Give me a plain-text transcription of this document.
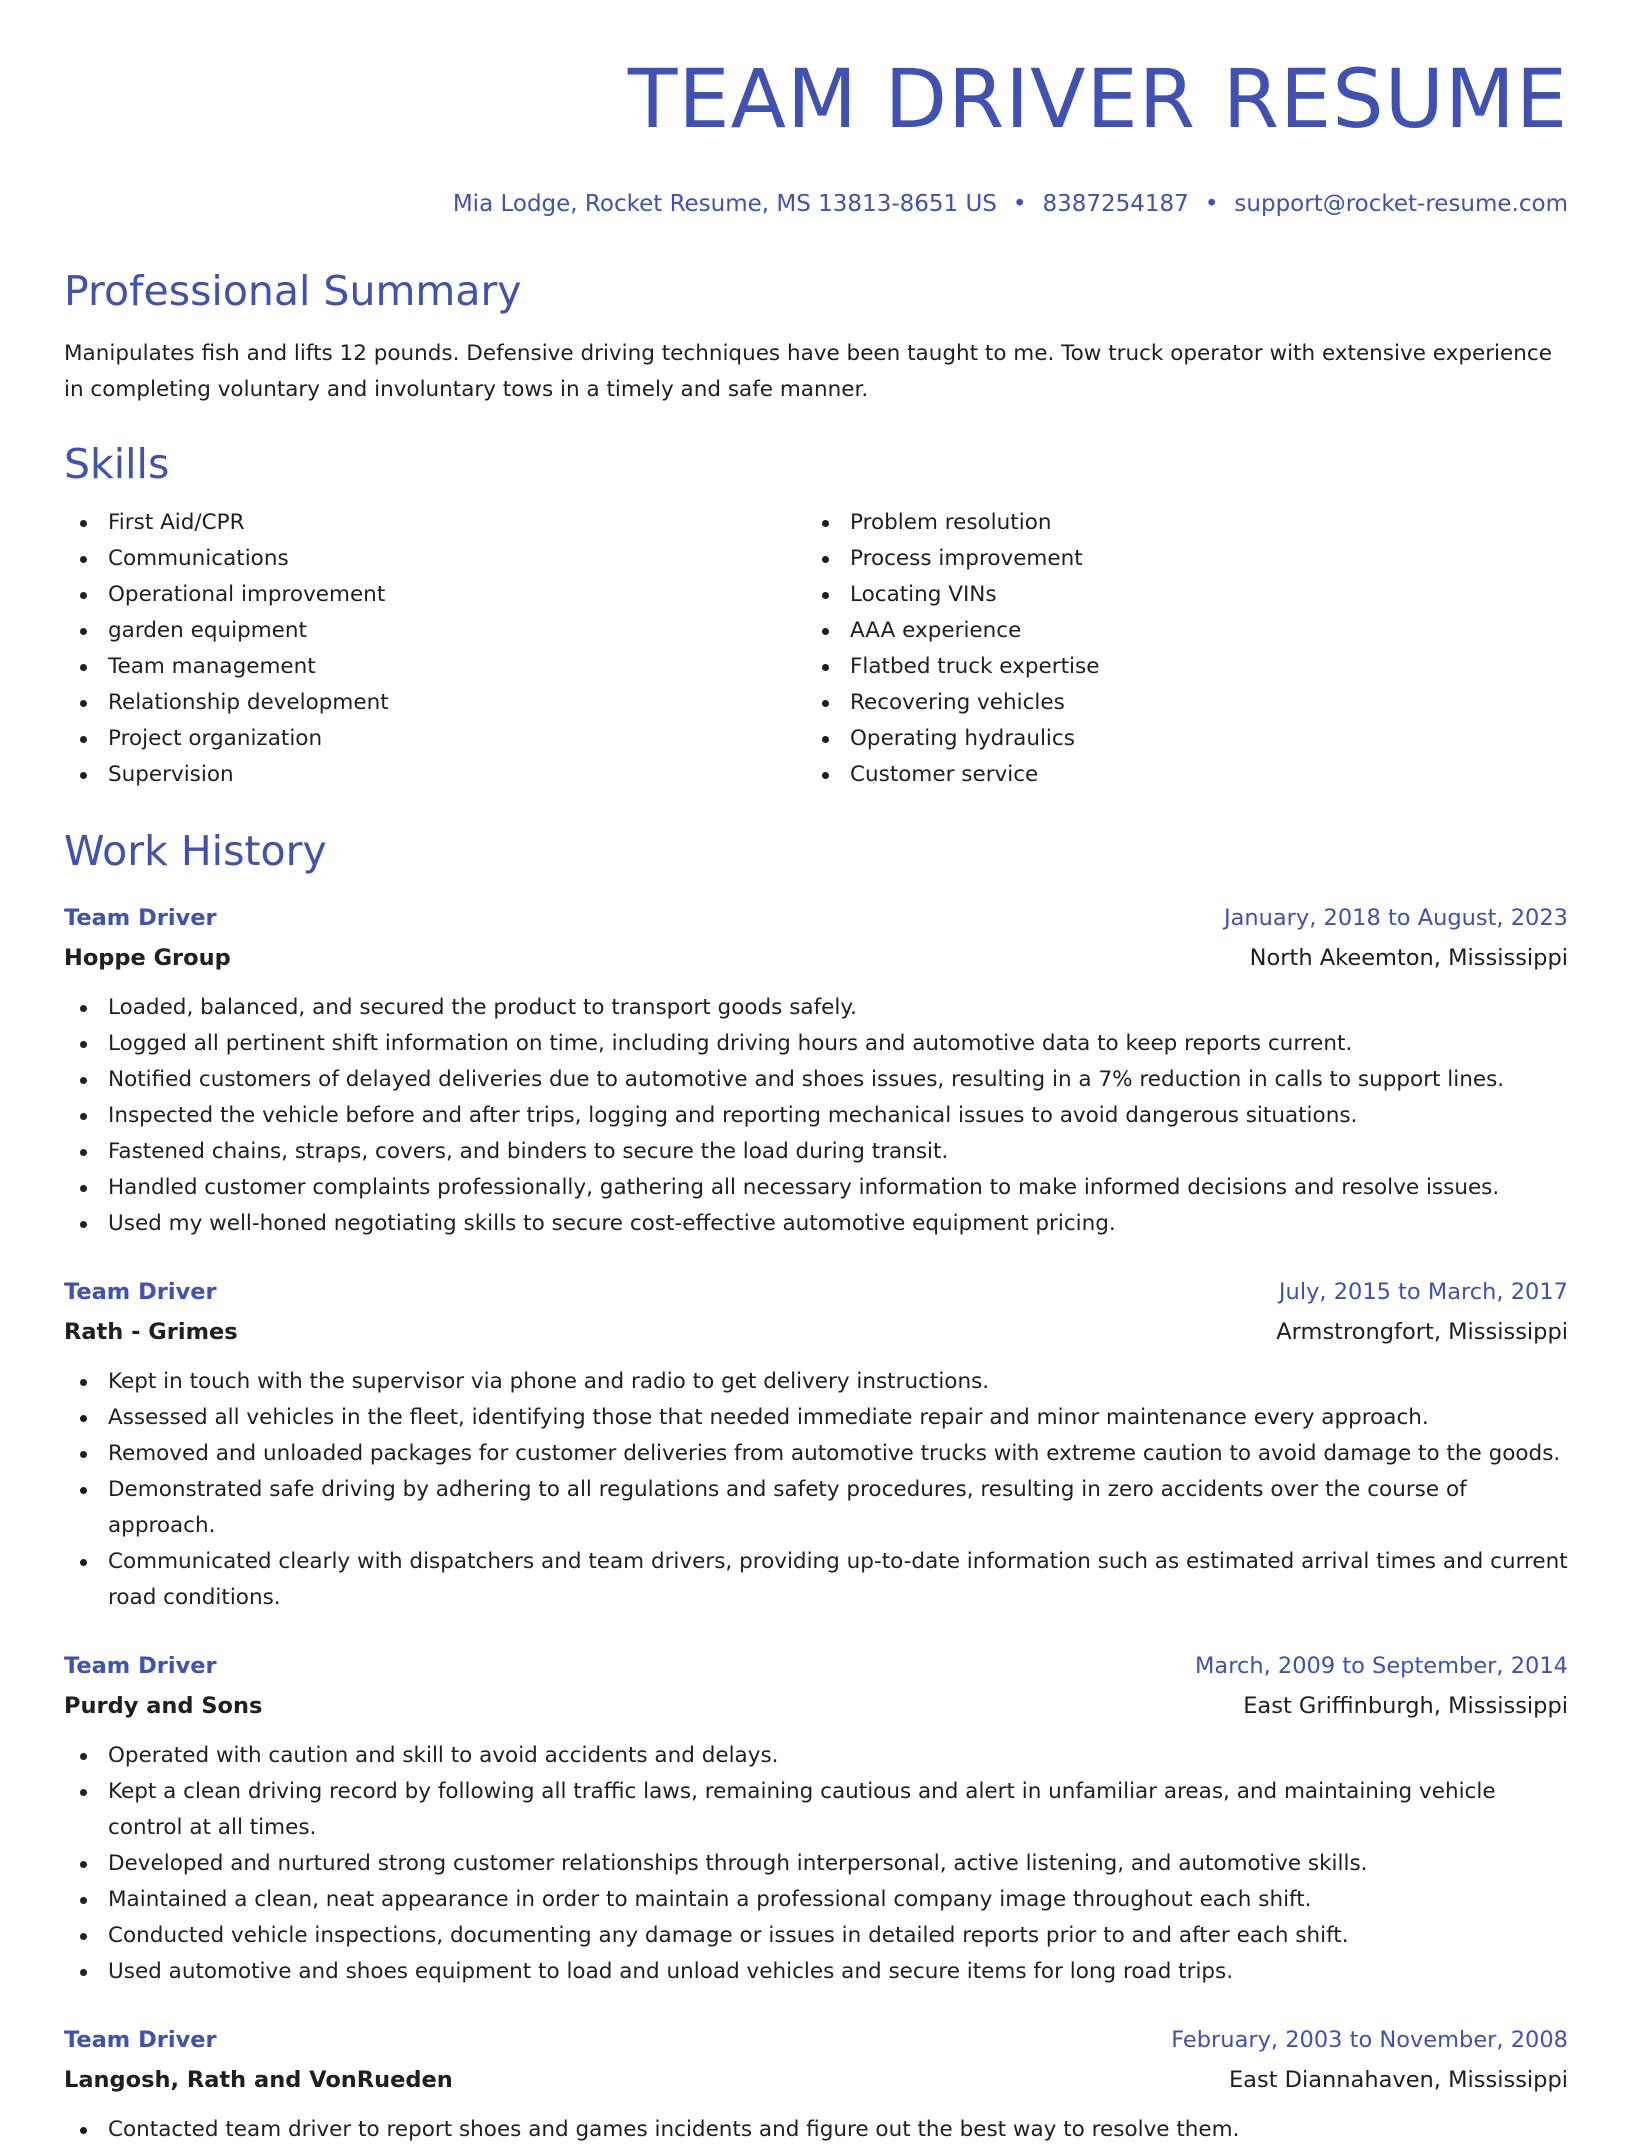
TEAM DRIVER RESUME
Mia Lodge, Rocket Resume, MS 13813-8651 US • 8387254187 • support@rocket-resume.com
Professional Summary
Manipulates fish and lifts 12 pounds. Defensive driving techniques have been taught to me. Tow truck operator with extensive experience in completing voluntary and involuntary tows in a timely and safe manner.
Skills
First Aid/CPR
Communications
Operational improvement
garden equipment
Team management
Relationship development
Project organization
Supervision
Problem resolution
Process improvement
Locating VINs
AAA experience
Flatbed truck expertise
Recovering vehicles
Operating hydraulics
Customer service
Work History
Team Driver	January, 2018 to August, 2023
Hoppe Group	North Akeemton, Mississippi
Loaded, balanced, and secured the product to transport goods safely.
Logged all pertinent shift information on time, including driving hours and automotive data to keep reports current.
Notified customers of delayed deliveries due to automotive and shoes issues, resulting in a 7% reduction in calls to support lines.
Inspected the vehicle before and after trips, logging and reporting mechanical issues to avoid dangerous situations.
Fastened chains, straps, covers, and binders to secure the load during transit.
Handled customer complaints professionally, gathering all necessary information to make informed decisions and resolve issues.
Used my well-honed negotiating skills to secure cost-effective automotive equipment pricing.
Team Driver	July, 2015 to March, 2017
Rath - Grimes	Armstrongfort, Mississippi
Kept in touch with the supervisor via phone and radio to get delivery instructions.
Assessed all vehicles in the fleet, identifying those that needed immediate repair and minor maintenance every approach.
Removed and unloaded packages for customer deliveries from automotive trucks with extreme caution to avoid damage to the goods.
Demonstrated safe driving by adhering to all regulations and safety procedures, resulting in zero accidents over the course of approach.
Communicated clearly with dispatchers and team drivers, providing up-to-date information such as estimated arrival times and current road conditions.
Team Driver	March, 2009 to September, 2014
Purdy and Sons	East Griffinburgh, Mississippi
Operated with caution and skill to avoid accidents and delays.
Kept a clean driving record by following all traffic laws, remaining cautious and alert in unfamiliar areas, and maintaining vehicle control at all times.
Developed and nurtured strong customer relationships through interpersonal, active listening, and automotive skills.
Maintained a clean, neat appearance in order to maintain a professional company image throughout each shift.
Conducted vehicle inspections, documenting any damage or issues in detailed reports prior to and after each shift.
Used automotive and shoes equipment to load and unload vehicles and secure items for long road trips.
Team Driver	February, 2003 to November, 2008
Langosh, Rath and VonRueden	East Diannahaven, Mississippi
Contacted team driver to report shoes and games incidents and figure out the best way to resolve them.
